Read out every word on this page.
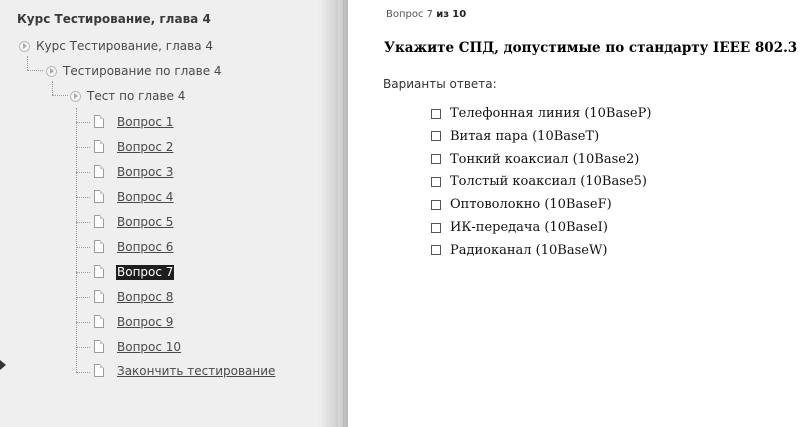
Курс Тестирование, глава 4
Курс Тестирование, глава 4
Тестирование по главе 4
Тест по главе 4
Вопрос 1
Вопрос 2
Вопрос 3
Вопрос 4
Вопрос 5
Вопрос 6
Вопрос 7
Вопрос 8
Вопрос 9
Вопрос 10
Закончить тестирование
Вопрос 7 из 10
Укажите СПД, допустимые по стандарту IEEE 802.3
Варианты ответа:
Телефонная линия (10BaseP)
Витая пара (10BaseT)
Тонкий коаксиал (10Base2)
Толстый коаксиал (10Base5)
Оптоволокно (10BaseF)
ИК-передача (10BaseI)
Радиоканал (10BaseW)
